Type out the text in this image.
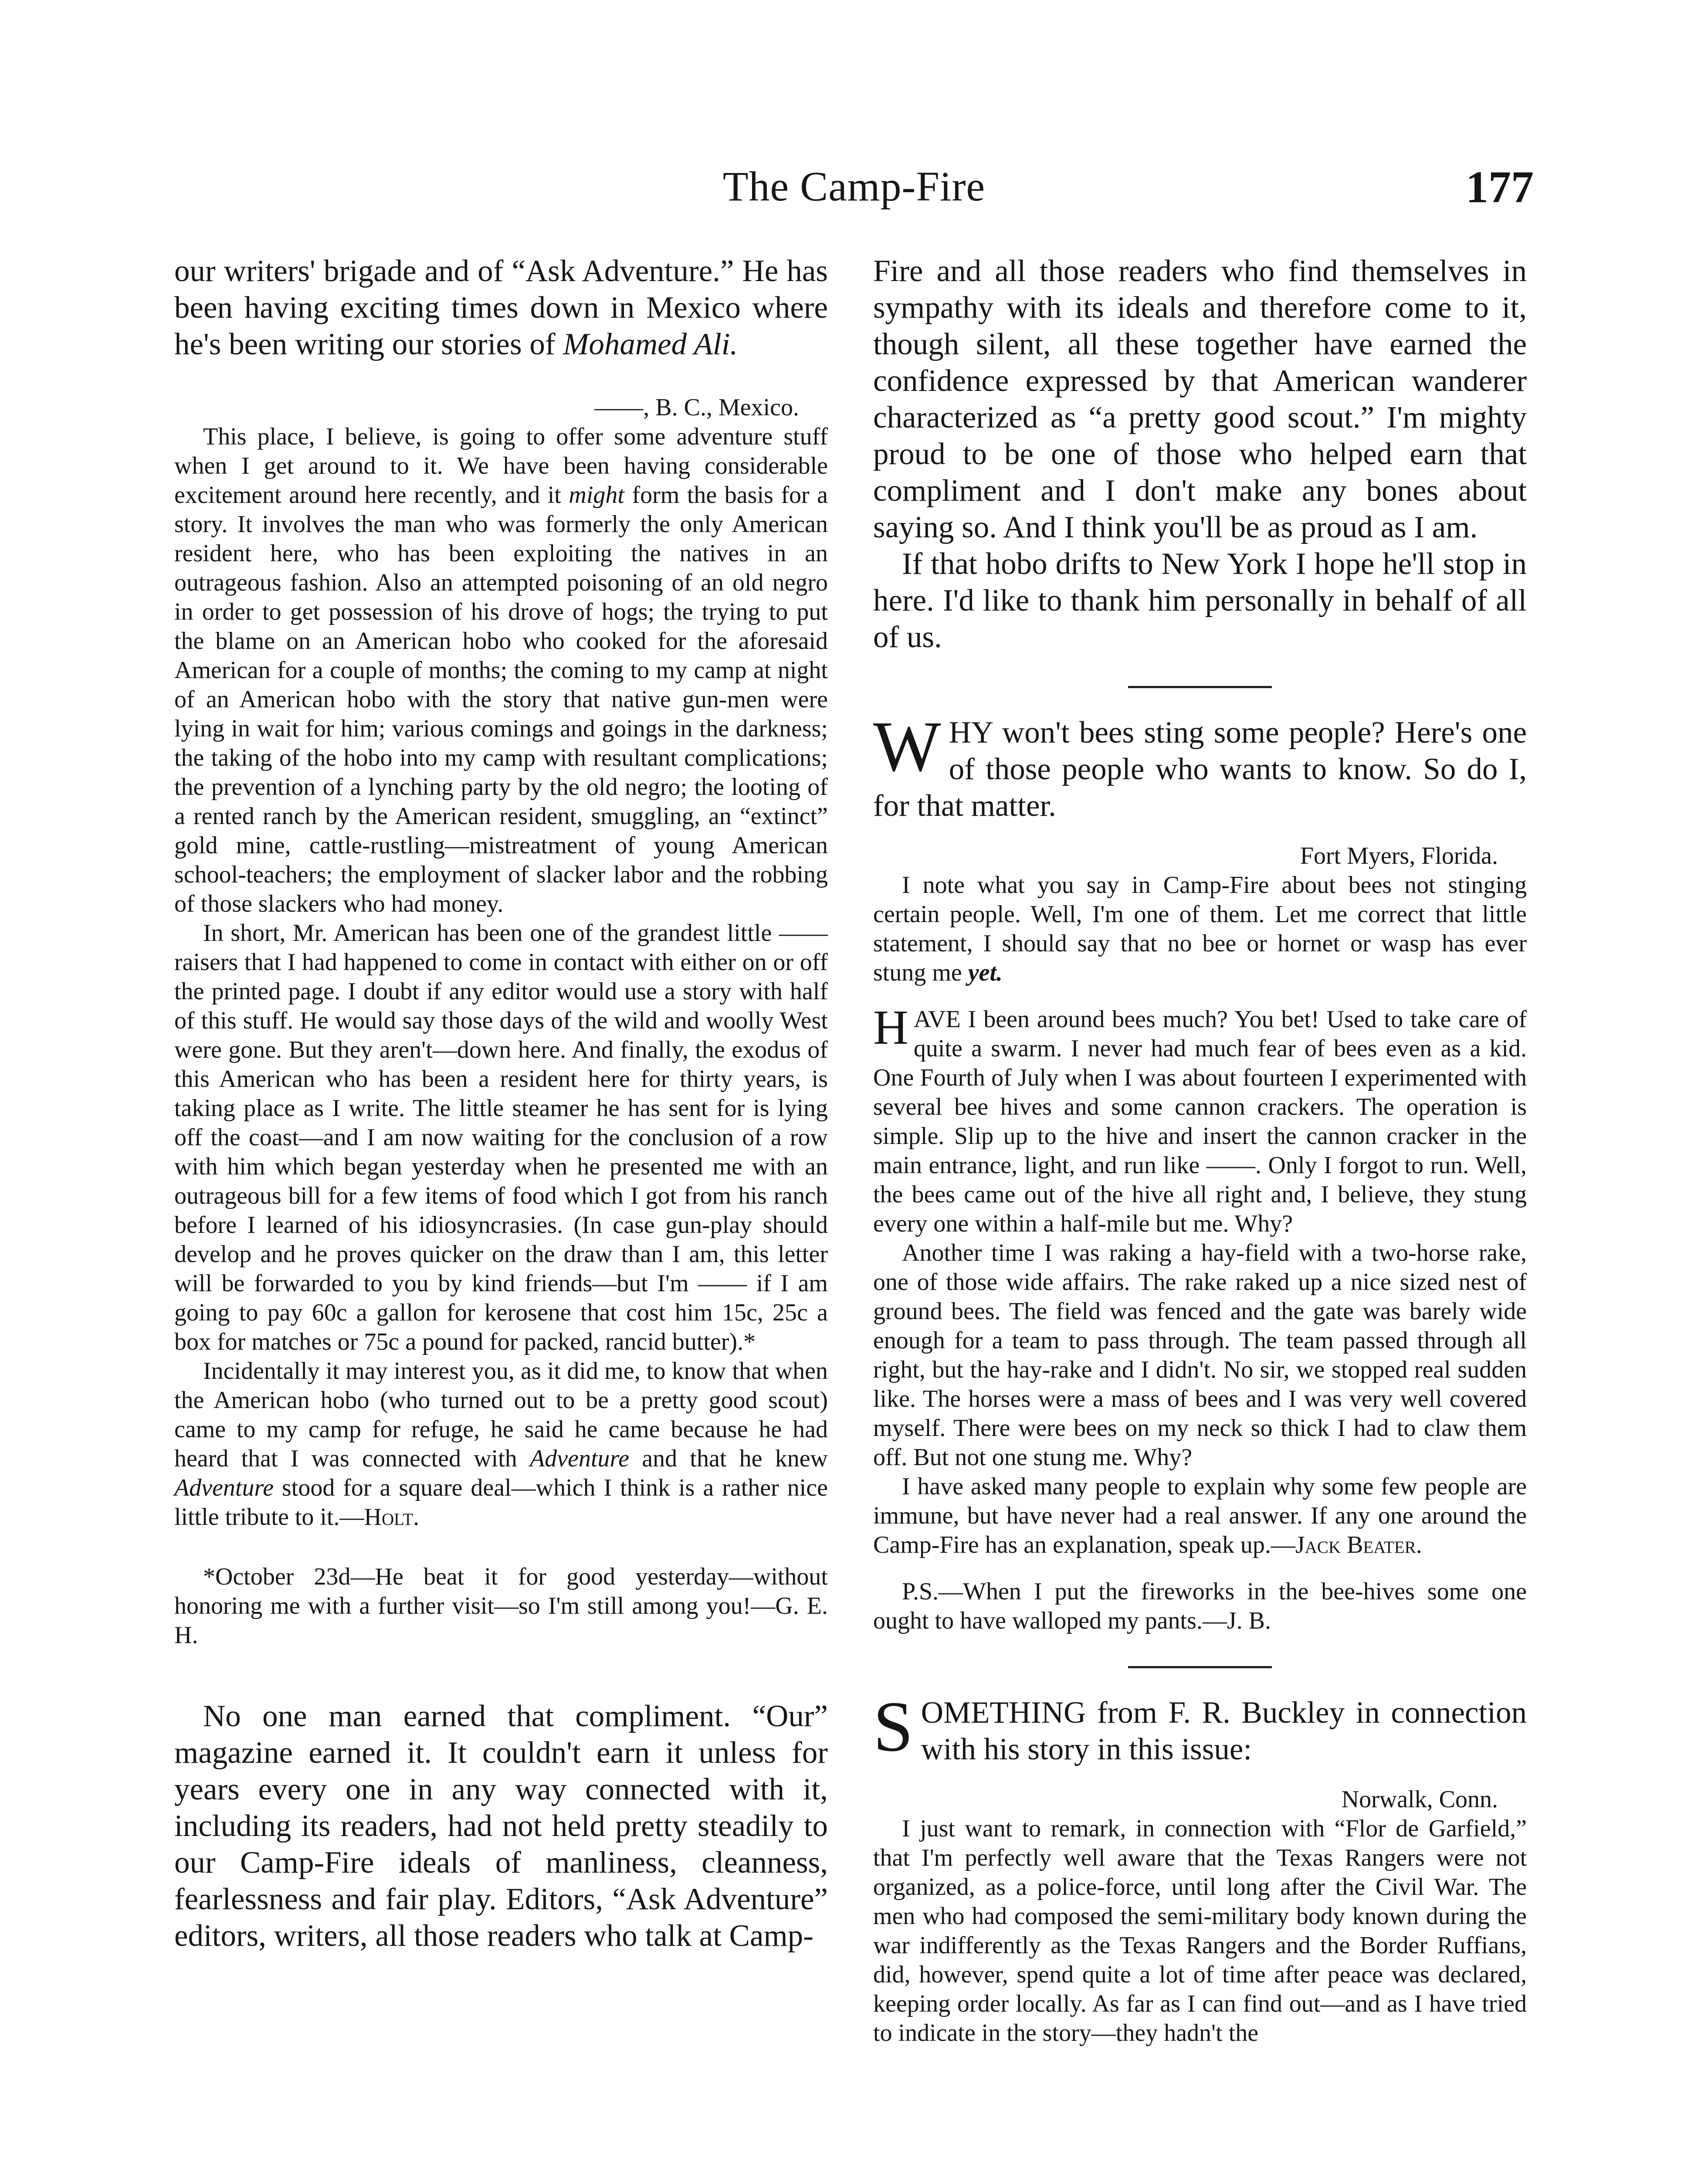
The Camp-Fire	177

our writers' brigade and of “Ask Adventure.” He has been having exciting times down in Mexico where he's been writing our stories of Mohamed Ali.

——, B. C., Mexico.

This place, I believe, is going to offer some adventure stuff when I get around to it. We have been having considerable excitement around here recently, and it might form the basis for a story. It involves the man who was formerly the only American resident here, who has been exploiting the natives in an outrageous fashion. Also an attempted poisoning of an old negro in order to get possession of his drove of hogs; the trying to put the blame on an American hobo who cooked for the aforesaid American for a couple of months; the coming to my camp at night of an American hobo with the story that native gun-men were lying in wait for him; various comings and goings in the darkness; the taking of the hobo into my camp with resultant complications; the prevention of a lynching party by the old negro; the looting of a rented ranch by the American resident, smuggling, an “extinct” gold mine, cattle-rustling—mistreatment of young American school-teachers; the employment of slacker labor and the robbing of those slackers who had money.

In short, Mr. American has been one of the grandest little —— raisers that I had happened to come in contact with either on or off the printed page. I doubt if any editor would use a story with half of this stuff. He would say those days of the wild and woolly West were gone. But they aren't—down here. And finally, the exodus of this American who has been a resident here for thirty years, is taking place as I write. The little steamer he has sent for is lying off the coast—and I am now waiting for the conclusion of a row with him which began yesterday when he presented me with an outrageous bill for a few items of food which I got from his ranch before I learned of his idiosyncrasies. (In case gun-play should develop and he proves quicker on the draw than I am, this letter will be forwarded to you by kind friends—but I'm —— if I am going to pay 60c a gallon for kerosene that cost him 15c, 25c a box for matches or 75c a pound for packed, rancid butter).*

Incidentally it may interest you, as it did me, to know that when the American hobo (who turned out to be a pretty good scout) came to my camp for refuge, he said he came because he had heard that I was connected with Adventure and that he knew Adventure stood for a square deal—which I think is a rather nice little tribute to it.—Holt.

*October 23d—He beat it for good yesterday—without honoring me with a further visit—so I'm still among you!—G. E. H.

No one man earned that compliment. “Our” magazine earned it. It couldn't earn it unless for years every one in any way connected with it, including its readers, had not held pretty steadily to our Camp-Fire ideals of manliness, cleanness, fearlessness and fair play. Editors, “Ask Adventure” editors, writers, all those readers who talk at Camp-

Fire and all those readers who find themselves in sympathy with its ideals and therefore come to it, though silent, all these together have earned the confidence expressed by that American wanderer characterized as “a pretty good scout.” I'm mighty proud to be one of those who helped earn that compliment and I don't make any bones about saying so. And I think you'll be as proud as I am.

If that hobo drifts to New York I hope he'll stop in here. I'd like to thank him personally in behalf of all of us.

WHY won't bees sting some people? Here's one of those people who wants to know. So do I, for that matter.

Fort Myers, Florida.

I note what you say in Camp-Fire about bees not stinging certain people. Well, I'm one of them. Let me correct that little statement, I should say that no bee or hornet or wasp has ever stung me yet.

HAVE I been around bees much? You bet! Used to take care of quite a swarm. I never had much fear of bees even as a kid. One Fourth of July when I was about fourteen I experimented with several bee hives and some cannon crackers. The operation is simple. Slip up to the hive and insert the cannon cracker in the main entrance, light, and run like ——. Only I forgot to run. Well, the bees came out of the hive all right and, I believe, they stung every one within a half-mile but me. Why?

Another time I was raking a hay-field with a two-horse rake, one of those wide affairs. The rake raked up a nice sized nest of ground bees. The field was fenced and the gate was barely wide enough for a team to pass through. The team passed through all right, but the hay-rake and I didn't. No sir, we stopped real sudden like. The horses were a mass of bees and I was very well covered myself. There were bees on my neck so thick I had to claw them off. But not one stung me. Why?

I have asked many people to explain why some few people are immune, but have never had a real answer. If any one around the Camp-Fire has an explanation, speak up.—Jack Beater.

P.S.—When I put the fireworks in the bee-hives some one ought to have walloped my pants.—J. B.

SOMETHING from F. R. Buckley in connection with his story in this issue:

Norwalk, Conn.

I just want to remark, in connection with “Flor de Garfield,” that I'm perfectly well aware that the Texas Rangers were not organized, as a police-force, until long after the Civil War. The men who had composed the semi-military body known during the war indifferently as the Texas Rangers and the Border Ruffians, did, however, spend quite a lot of time after peace was declared, keeping order locally. As far as I can find out—and as I have tried to indicate in the story—they hadn't the
